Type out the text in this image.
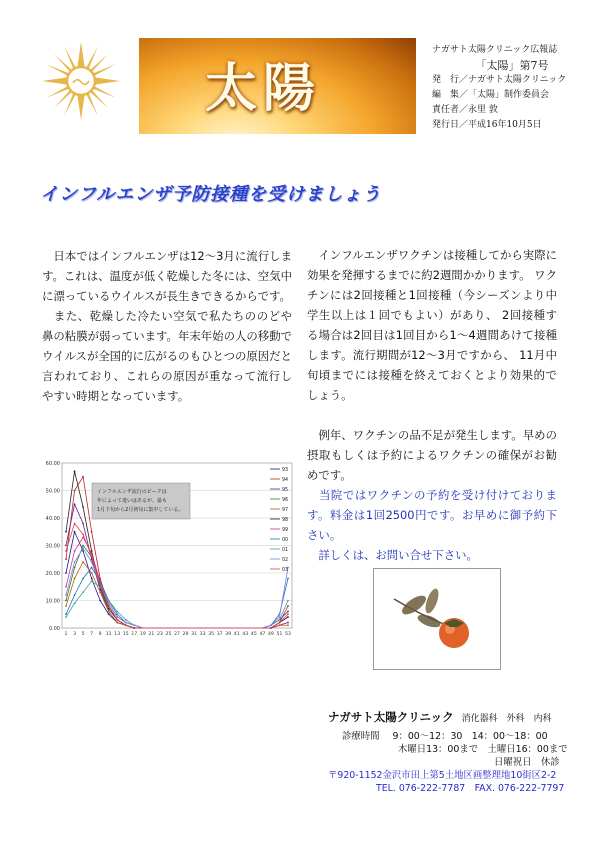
太陽
ナガサト太陽クリニック広報誌
「太陽」第7号
発　行／ナガサト太陽クリニック
編　集／「太陽」制作委員会
責任者／永里 敦
発行日／平成16年10月5日
インフルエンザ予防接種を受けましょう

　日本ではインフルエンザは12〜3月に流行します。これは、温度が低く乾燥した冬には、空気中に漂っているウイルスが長生きできるからです。

　また、乾燥した冷たい空気で私たちののどや鼻の粘膜が弱っています。年末年始の人の移動で ウイルスが全国的に広がるのもひとつの原因だと言われており、これらの原因が重なって流行しやすい時期となっています。

　インフルエンザワクチンは接種してから実際に効果を発揮するまでに約2週間かかります。 ワクチンには2回接種と1回接種（今シーズンより中学生以上は１回でもよい）があり、 2回接種する場合は2回目は1回目から1〜4週間あけて接種します。流行期間が12〜3月ですから、 11月中旬頃までには接種を終えておくとより効果的でしょう。

　例年、ワクチンの品不足が発生します。早めの摂取もしくは予約によるワクチンの確保がお勧めです。

　当院ではワクチンの予約を受け付けております。料金は1回2500円です。お早めに御予約下さい。

　詳しくは、お問い合せ下さい。

0.00
10.00
20.00
30.00
40.00
50.00
60.00
1 3 5 7 9 11 13 15 17 19 21 23 25 27 29 31 33 35 37 39 41 43 45 47 49 51 53
インフルエンザ流行のピークは年によって違いはあるが、最も 1月下旬から2月初旬に集中している。
93
94
95
96
97
98
99
00
01
02
03
ナガサト太陽クリニック 消化器科　外科　内科
診療時間 9：00〜12：30　14：00〜18：00
木曜日13：00まで　土曜日16：00まで
日曜祝日　休診
〒920-1152金沢市田上第5土地区画整理地10街区2-2
TEL. 076-222-7787　FAX. 076-222-7797
